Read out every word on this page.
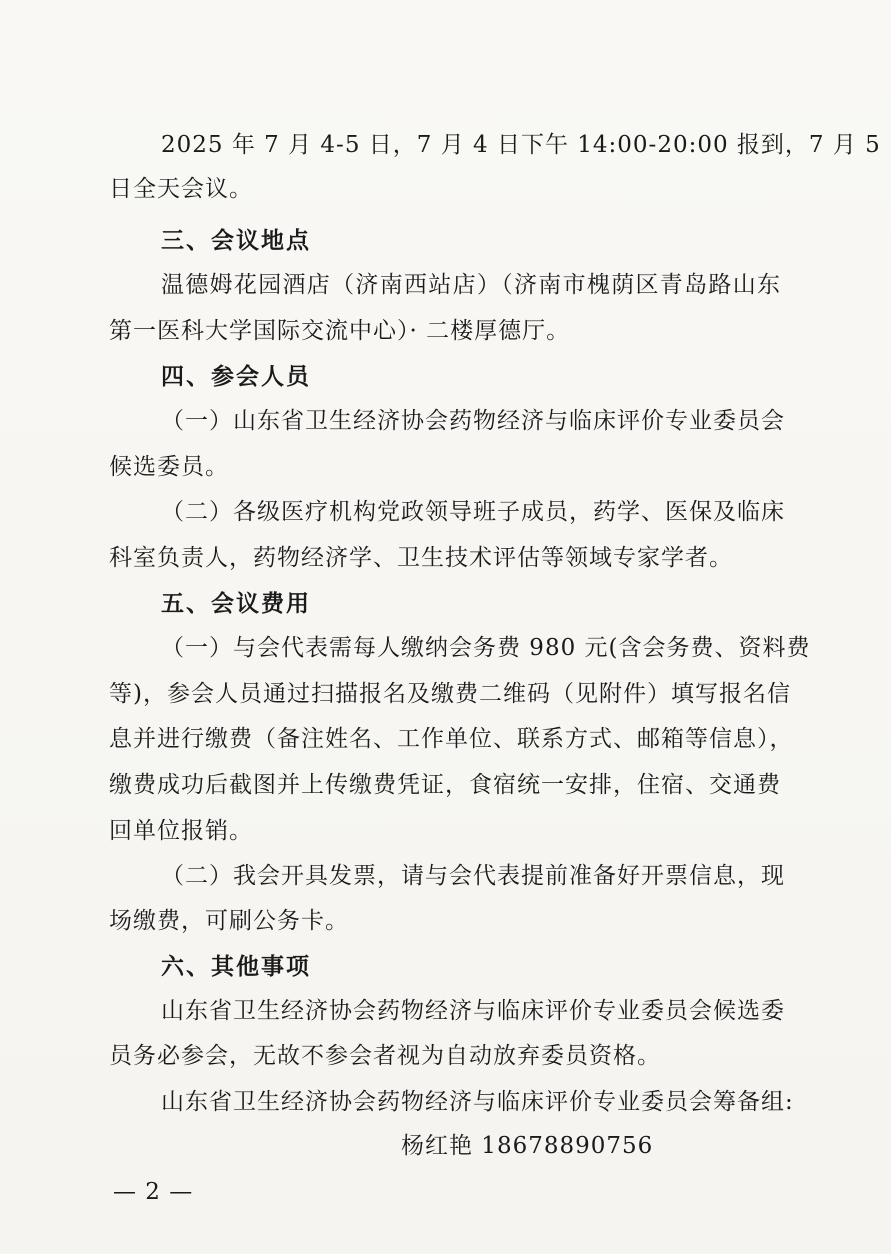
2025 年 7 月 4-5 日，7 月 4 日下午 14:00-20:00 报到，7 月 5
日全天会议。
三、会议地点
温德姆花园酒店（济南西站店）（济南市槐荫区青岛路山东
第一医科大学国际交流中心）· 二楼厚德厅。
四、参会人员
（一）山东省卫生经济协会药物经济与临床评价专业委员会
候选委员。
（二）各级医疗机构党政领导班子成员，药学、医保及临床
科室负责人，药物经济学、卫生技术评估等领域专家学者。
五、会议费用
（一）与会代表需每人缴纳会务费 980 元(含会务费、资料费
等)，参会人员通过扫描报名及缴费二维码（见附件）填写报名信
息并进行缴费（备注姓名、工作单位、联系方式、邮箱等信息），
缴费成功后截图并上传缴费凭证，食宿统一安排，住宿、交通费
回单位报销。
（二）我会开具发票，请与会代表提前准备好开票信息，现
场缴费，可刷公务卡。
六、其他事项
山东省卫生经济协会药物经济与临床评价专业委员会候选委
员务必参会，无故不参会者视为自动放弃委员资格。
山东省卫生经济协会药物经济与临床评价专业委员会筹备组:
杨红艳 18678890756
— 2 —
